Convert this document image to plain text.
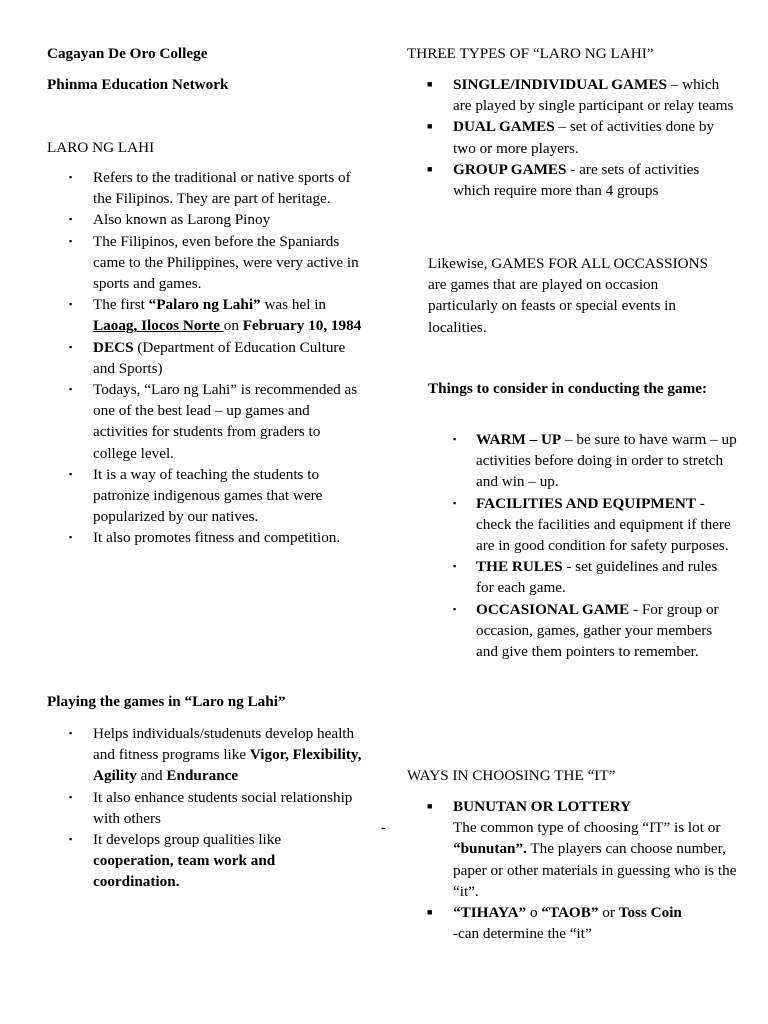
Cagayan De Oro College

Phinma Education Network

LARO NG LAHI

▪ Refers to the traditional or native sports of the Filipinos. They are part of heritage.
▪ Also known as Larong Pinoy
▪ The Filipinos, even before the Spaniards came to the Philippines, were very active in sports and games.
▪ The first “Palaro ng Lahi” was hel in Laoag, Ilocos Norte on February 10, 1984
▪ DECS (Department of Education Culture and Sports)
▪ Todays, “Laro ng Lahi” is recommended as one of the best lead – up games and activities for students from graders to college level.
▪ It is a way of teaching the students to patronize indigenous games that were popularized by our natives.
▪ It also promotes fitness and competition.

Playing the games in “Laro ng Lahi”

▪ Helps individuals/studenuts develop health and fitness programs like Vigor, Flexibility, Agility and Endurance
▪ It also enhance students social relationship with others
▪ It develops group qualities like cooperation, team work and coordination.

THREE TYPES OF “LARO NG LAHI”

■ SINGLE/INDIVIDUAL GAMES – which are played by single participant or relay teams
■ DUAL GAMES – set of activities done by two or more players.
■ GROUP GAMES - are sets of activities which require more than 4 groups

Likewise, GAMES FOR ALL OCCASSIONS are games that are played on occasion particularly on feasts or special events in localities.

Things to consider in conducting the game:

▪ WARM – UP – be sure to have warm – up activities before doing in order to stretch and win – up.
▪ FACILITIES AND EQUIPMENT - check the facilities and equipment if there are in good condition for safety purposes.
▪ THE RULES - set guidelines and rules for each game.
▪ OCCASIONAL GAME - For group or occasion, games, gather your members and give them pointers to remember.

WAYS IN CHOOSING THE “IT”

■ BUNUTAN OR LOTTERY
-	The common type of choosing “IT” is lot or “bunutan”. The players can choose number, paper or other materials in guessing who is the “it”.
■ “TIHAYA” o “TAOB” or Toss Coin
-can determine the “it”
